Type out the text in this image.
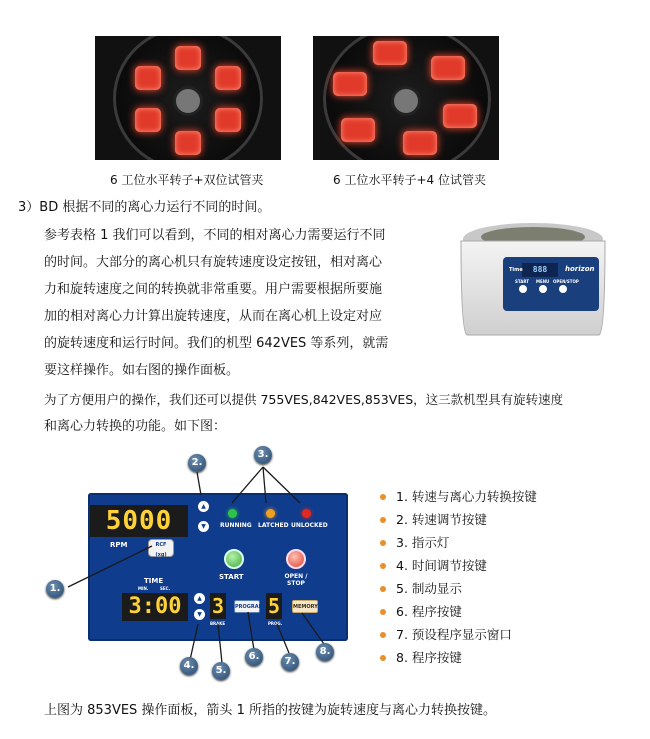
6 工位水平转子+双位试管夹	6 工位水平转子+4 位试管夹
3）BD 根据不同的离心力运行不同的时间。
参考表格 1 我们可以看到，不同的相对离心力需要运行不同
的时间。大部分的离心机只有旋转速度设定按钮，相对离心
力和旋转速度之间的转换就非常重要。用户需要根据所要施
加的相对离心力计算出旋转速度，从而在离心机上设定对应
的旋转速度和运行时间。我们的机型 642VES 等系列，就需
要这样操作。如右图的操作面板。
为了方便用户的操作，我们还可以提供 755VES,842VES,853VES，这三款机型具有旋转速度
和离心力转换的功能。如下图：
888
Time	horizon
START MENU OPEN/STOP
5000
RPM	RCF (xg)
▲
▼	RUNNING LATCHED UNLOCKED
START	OPEN / STOP
TIME
MIN.	SEC.
3:00	▲
▼ 3
BRAKE
PROGRAM 5
PROG.
MEMORY
1.
2.
3.
4.	5.
6.	7.
8.
1. 转速与离心力转换按键
2. 转速调节按键
3. 指示灯
4. 时间调节按键
5. 制动显示
6. 程序按键
7. 预设程序显示窗口
8. 程序按键
上图为 853VES 操作面板，箭头 1 所指的按键为旋转速度与离心力转换按键。
